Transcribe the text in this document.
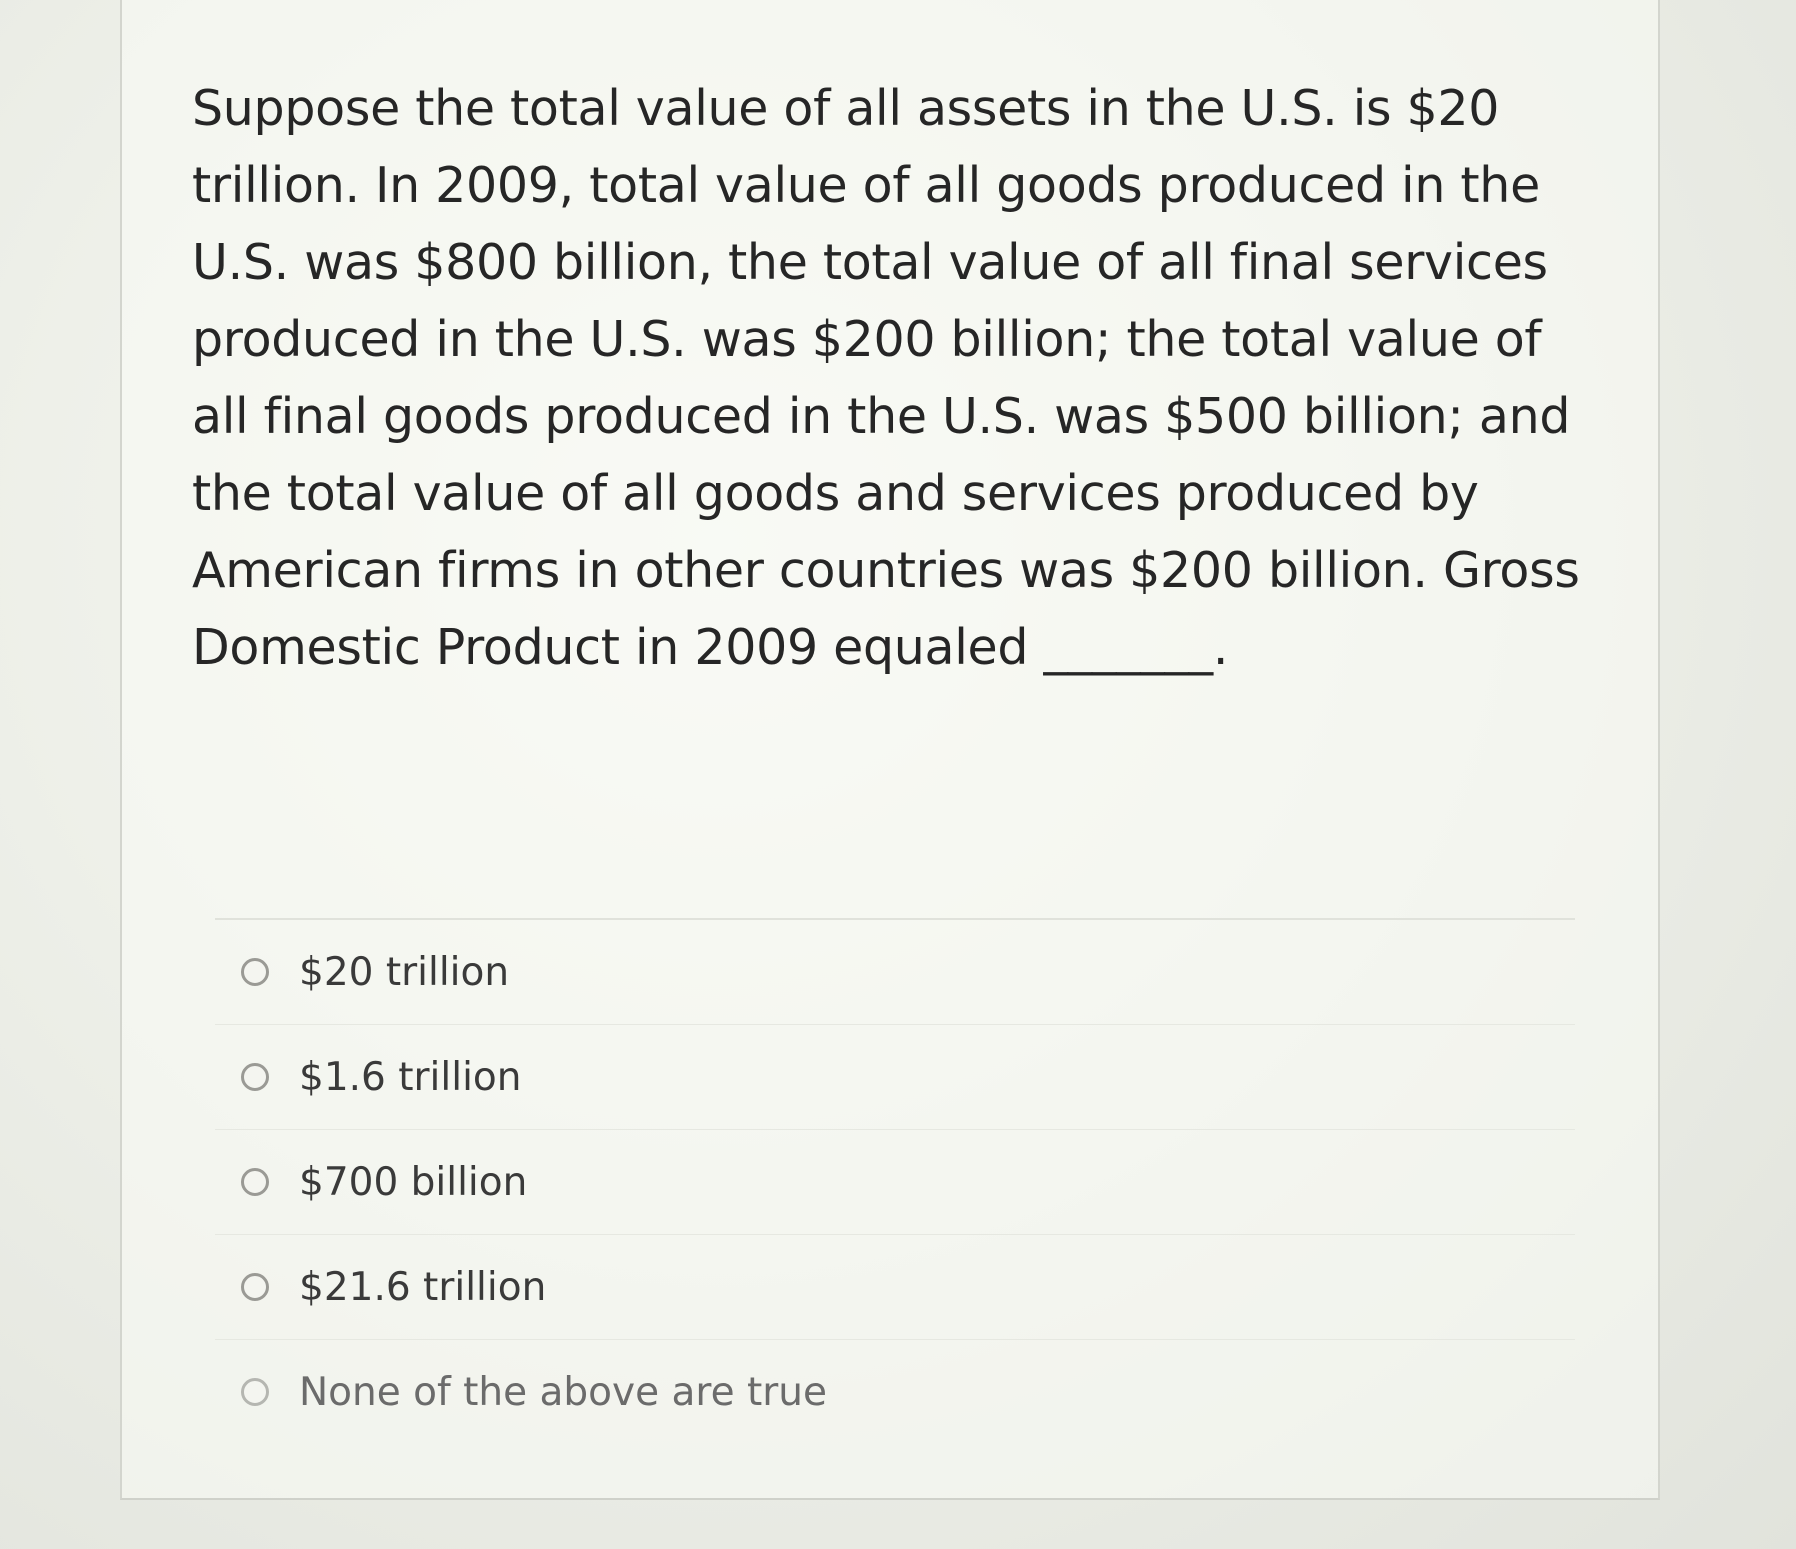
Suppose the total value of all assets in the U.S. is $20 trillion. In 2009, total value of all goods produced in the U.S. was $800 billion, the total value of all final services produced in the U.S. was $200 billion; the total value of all final goods produced in the U.S. was $500 billion; and the total value of all goods and services produced by American firms in other countries was $200 billion. Gross Domestic Product in 2009 equaled _______.

$20 trillion
$1.6 trillion
$700 billion
$21.6 trillion
None of the above are true
